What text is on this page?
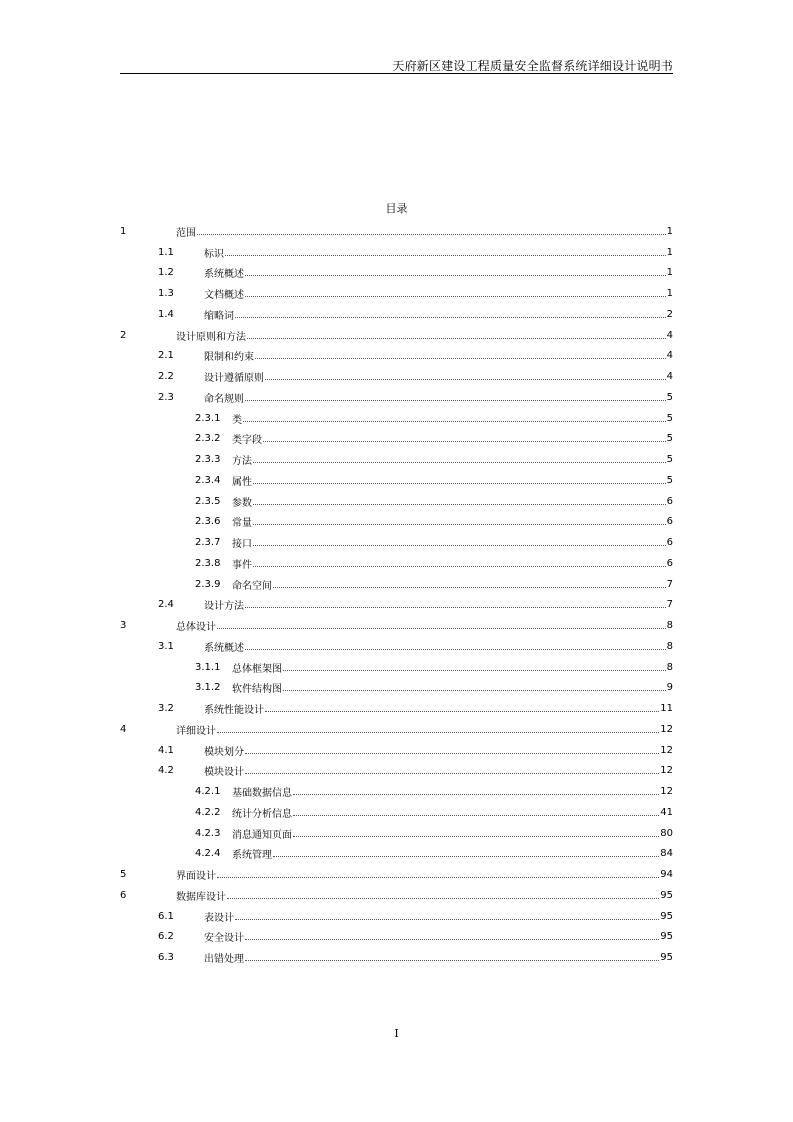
天府新区建设工程质量安全监督系统详细设计说明书
目录
1	范围	1
1.1	标识	1
1.2	系统概述	1
1.3	文档概述	1
1.4	缩略词	2
2	设计原则和方法	4
2.1	限制和约束	4
2.2	设计遵循原则	4
2.3	命名规则	5
2.3.1	类	5
2.3.2	类字段	5
2.3.3	方法	5
2.3.4	属性	5
2.3.5	参数	6
2.3.6	常量	6
2.3.7	接口	6
2.3.8	事件	6
2.3.9	命名空间	7
2.4	设计方法	7
3	总体设计	8
3.1	系统概述	8
3.1.1	总体框架图	8
3.1.2	软件结构图	9
3.2	系统性能设计	11
4	详细设计	12
4.1	模块划分	12
4.2	模块设计	12
4.2.1	基础数据信息	12
4.2.2	统计分析信息	41
4.2.3	消息通知页面	80
4.2.4	系统管理	84
5	界面设计	94
6	数据库设计	95
6.1	表设计	95
6.2	安全设计	95
6.3	出错处理	95
I
